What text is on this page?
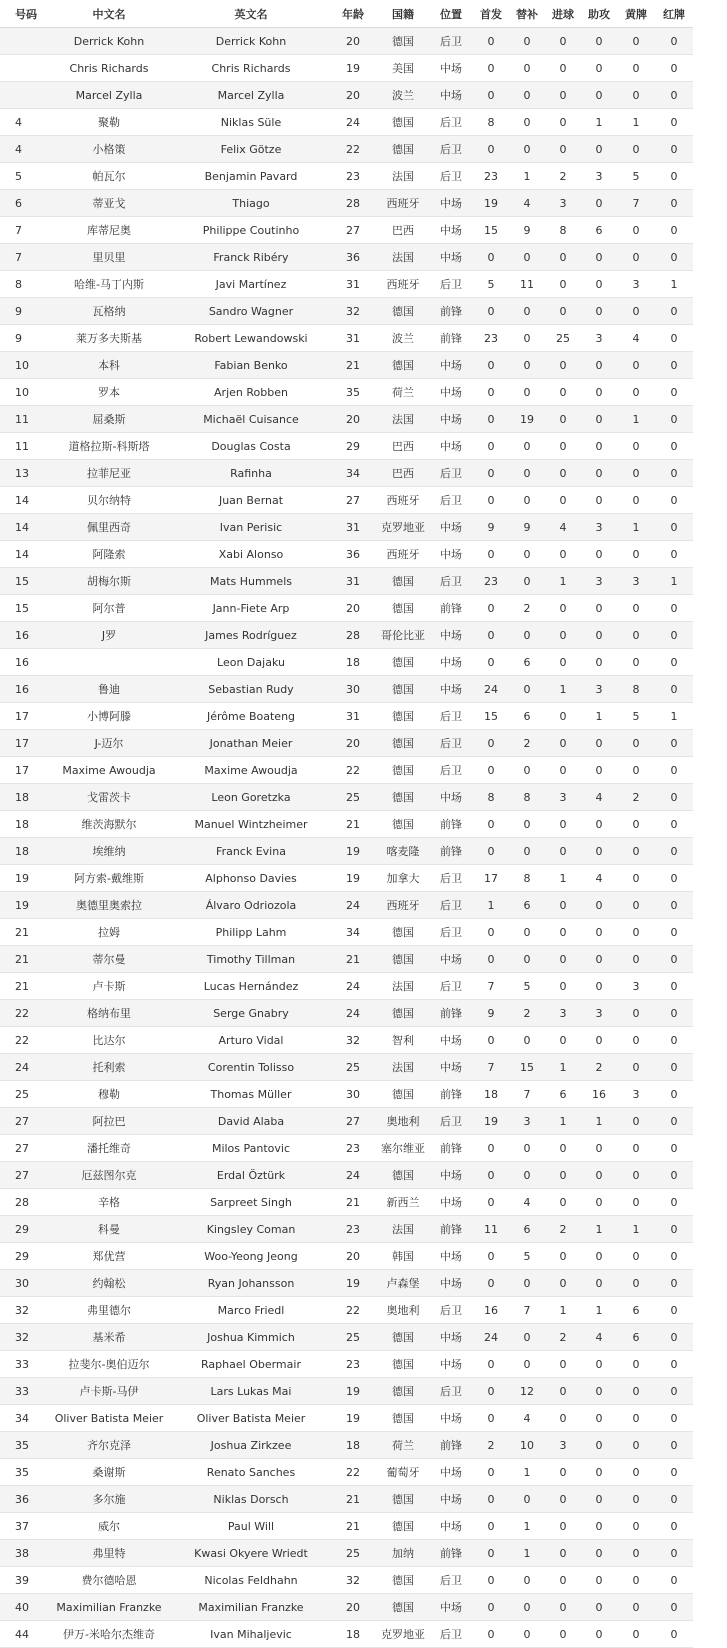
号码	中文名	英文名	年龄	国籍	位置	首发	替补	进球	助攻	黄牌	红牌
	Derrick Kohn	Derrick Kohn	20	德国	后卫	0	0	0	0	0	0
	Chris Richards	Chris Richards	19	美国	中场	0	0	0	0	0	0
	Marcel Zylla	Marcel Zylla	20	波兰	中场	0	0	0	0	0	0
4	聚勒	Niklas Süle	24	德国	后卫	8	0	0	1	1	0
4	小格策	Felix Götze	22	德国	后卫	0	0	0	0	0	0
5	帕瓦尔	Benjamin Pavard	23	法国	后卫	23	1	2	3	5	0
6	蒂亚戈	Thiago	28	西班牙	中场	19	4	3	0	7	0
7	库蒂尼奥	Philippe Coutinho	27	巴西	中场	15	9	8	6	0	0
7	里贝里	Franck Ribéry	36	法国	中场	0	0	0	0	0	0
8	哈维-马丁内斯	Javi Martínez	31	西班牙	后卫	5	11	0	0	3	1
9	瓦格纳	Sandro Wagner	32	德国	前锋	0	0	0	0	0	0
9	莱万多夫斯基	Robert Lewandowski	31	波兰	前锋	23	0	25	3	4	0
10	本科	Fabian Benko	21	德国	中场	0	0	0	0	0	0
10	罗本	Arjen Robben	35	荷兰	中场	0	0	0	0	0	0
11	屈桑斯	Michaël Cuisance	20	法国	中场	0	19	0	0	1	0
11	道格拉斯-科斯塔	Douglas Costa	29	巴西	中场	0	0	0	0	0	0
13	拉菲尼亚	Rafinha	34	巴西	后卫	0	0	0	0	0	0
14	贝尔纳特	Juan Bernat	27	西班牙	后卫	0	0	0	0	0	0
14	佩里西奇	Ivan Perisic	31	克罗地亚	中场	9	9	4	3	1	0
14	阿隆索	Xabi Alonso	36	西班牙	中场	0	0	0	0	0	0
15	胡梅尔斯	Mats Hummels	31	德国	后卫	23	0	1	3	3	1
15	阿尔普	Jann-Fiete Arp	20	德国	前锋	0	2	0	0	0	0
16	J罗	James Rodríguez	28	哥伦比亚	中场	0	0	0	0	0	0
16		Leon Dajaku	18	德国	中场	0	6	0	0	0	0
16	鲁迪	Sebastian Rudy	30	德国	中场	24	0	1	3	8	0
17	小博阿滕	Jérôme Boateng	31	德国	后卫	15	6	0	1	5	1
17	J-迈尔	Jonathan Meier	20	德国	后卫	0	2	0	0	0	0
17	Maxime Awoudja	Maxime Awoudja	22	德国	后卫	0	0	0	0	0	0
18	戈雷茨卡	Leon Goretzka	25	德国	中场	8	8	3	4	2	0
18	维茨海默尔	Manuel Wintzheimer	21	德国	前锋	0	0	0	0	0	0
18	埃维纳	Franck Evina	19	喀麦隆	前锋	0	0	0	0	0	0
19	阿方索-戴维斯	Alphonso Davies	19	加拿大	后卫	17	8	1	4	0	0
19	奥德里奥索拉	Álvaro Odriozola	24	西班牙	后卫	1	6	0	0	0	0
21	拉姆	Philipp Lahm	34	德国	后卫	0	0	0	0	0	0
21	蒂尔曼	Timothy Tillman	21	德国	中场	0	0	0	0	0	0
21	卢卡斯	Lucas Hernández	24	法国	后卫	7	5	0	0	3	0
22	格纳布里	Serge Gnabry	24	德国	前锋	9	2	3	3	0	0
22	比达尔	Arturo Vidal	32	智利	中场	0	0	0	0	0	0
24	托利索	Corentin Tolisso	25	法国	中场	7	15	1	2	0	0
25	穆勒	Thomas Müller	30	德国	前锋	18	7	6	16	3	0
27	阿拉巴	David Alaba	27	奥地利	后卫	19	3	1	1	0	0
27	潘托维奇	Milos Pantovic	23	塞尔维亚	前锋	0	0	0	0	0	0
27	厄兹图尔克	Erdal Öztürk	24	德国	中场	0	0	0	0	0	0
28	辛格	Sarpreet Singh	21	新西兰	中场	0	4	0	0	0	0
29	科曼	Kingsley Coman	23	法国	前锋	11	6	2	1	1	0
29	郑优营	Woo-Yeong Jeong	20	韩国	中场	0	5	0	0	0	0
30	约翰松	Ryan Johansson	19	卢森堡	中场	0	0	0	0	0	0
32	弗里德尔	Marco Friedl	22	奥地利	后卫	16	7	1	1	6	0
32	基米希	Joshua Kimmich	25	德国	中场	24	0	2	4	6	0
33	拉斐尔-奥伯迈尔	Raphael Obermair	23	德国	中场	0	0	0	0	0	0
33	卢卡斯-马伊	Lars Lukas Mai	19	德国	后卫	0	12	0	0	0	0
34	Oliver Batista Meier	Oliver Batista Meier	19	德国	中场	0	4	0	0	0	0
35	齐尔克泽	Joshua Zirkzee	18	荷兰	前锋	2	10	3	0	0	0
35	桑谢斯	Renato Sanches	22	葡萄牙	中场	0	1	0	0	0	0
36	多尔施	Niklas Dorsch	21	德国	中场	0	0	0	0	0	0
37	威尔	Paul Will	21	德国	中场	0	1	0	0	0	0
38	弗里特	Kwasi Okyere Wriedt	25	加纳	前锋	0	1	0	0	0	0
39	费尔德哈恩	Nicolas Feldhahn	32	德国	后卫	0	0	0	0	0	0
40	Maximilian Franzke	Maximilian Franzke	20	德国	中场	0	0	0	0	0	0
44	伊万-米哈尔杰维奇	Ivan Mihaljevic	18	克罗地亚	后卫	0	0	0	0	0	0
